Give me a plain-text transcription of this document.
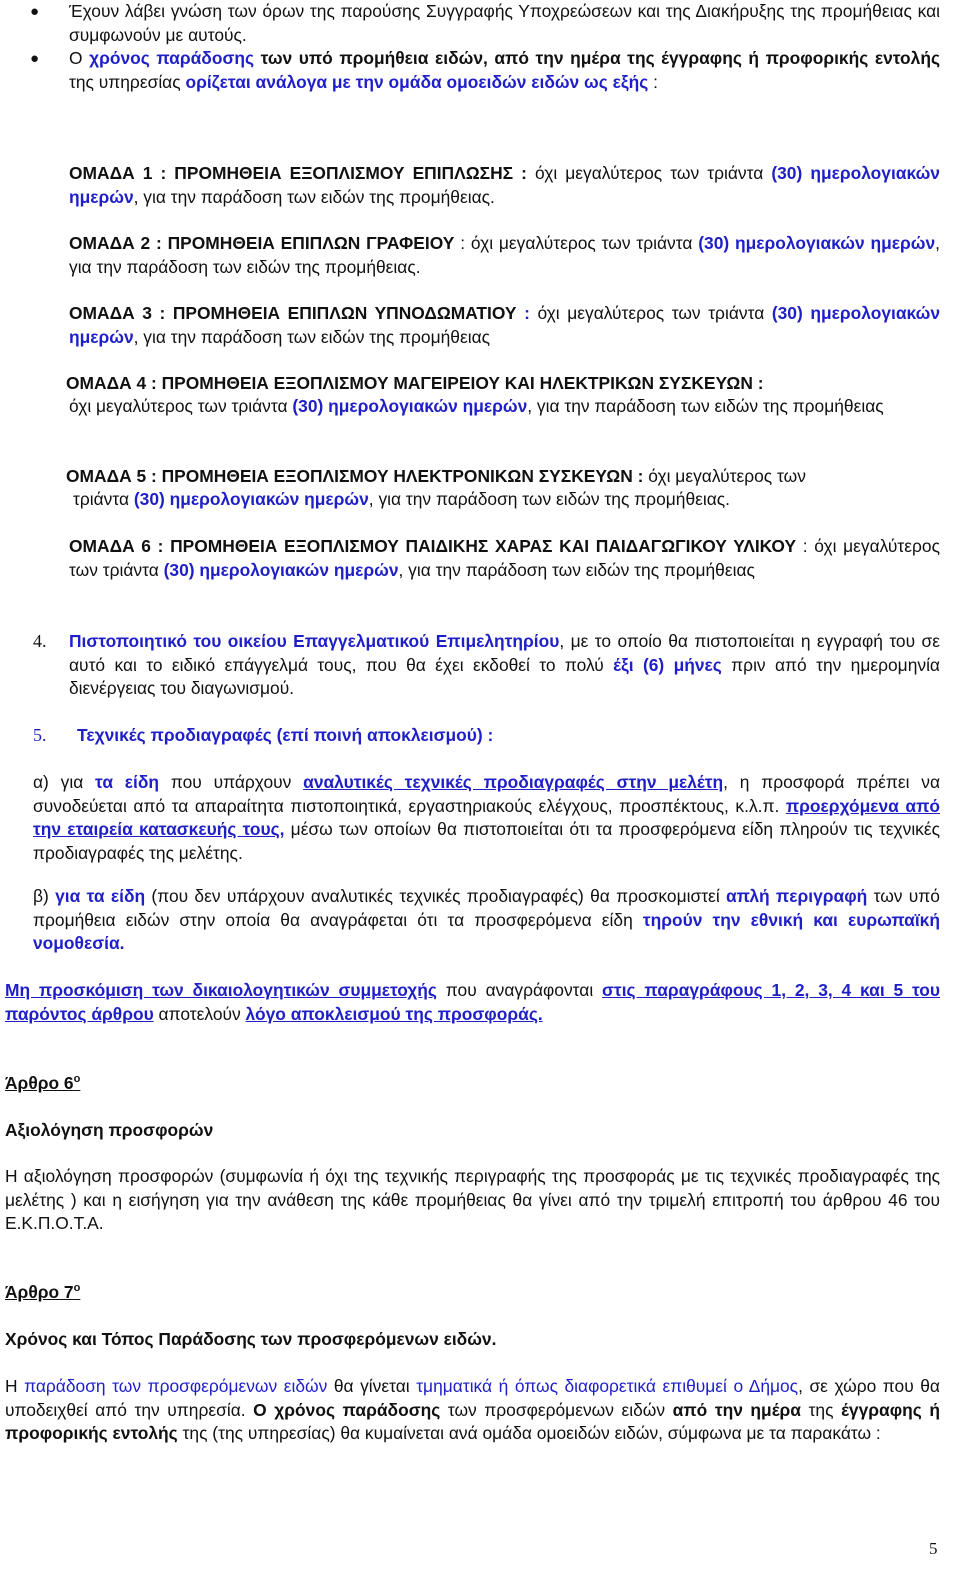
● Έχουν λάβει γνώση των όρων της παρούσης Συγγραφής Υποχρεώσεων και της Διακήρυξης της προμήθειας και συμφωνούν με αυτούς.
● Ο χρόνος παράδοσης των υπό προμήθεια ειδών, από την ημέρα της έγγραφης ή προφορικής εντολής της υπηρεσίας ορίζεται ανάλογα με την ομάδα ομοειδών ειδών ως εξής :
ΟΜΑΔΑ 1 : ΠΡΟΜΗΘΕΙΑ ΕΞΟΠΛΙΣΜΟΥ ΕΠΙΠΛΩΣΗΣ : όχι μεγαλύτερος των τριάντα (30) ημερολογιακών ημερών, για την παράδοση των ειδών της προμήθειας.
ΟΜΑΔΑ 2 : ΠΡΟΜΗΘΕΙΑ ΕΠΙΠΛΩΝ ΓΡΑΦΕΙΟΥ : όχι μεγαλύτερος των τριάντα (30) ημερολογιακών ημερών, για την παράδοση των ειδών της προμήθειας.
ΟΜΑΔΑ 3 : ΠΡΟΜΗΘΕΙΑ ΕΠΙΠΛΩΝ ΥΠΝΟΔΩΜΑΤΙΟΥ : όχι μεγαλύτερος των τριάντα (30) ημερολογιακών ημερών, για την παράδοση των ειδών της προμήθειας
ΟΜΑΔΑ 4 : ΠΡΟΜΗΘΕΙΑ ΕΞΟΠΛΙΣΜΟΥ ΜΑΓΕΙΡΕΙΟΥ ΚΑΙ ΗΛΕΚΤΡΙΚΩΝ ΣΥΣΚΕΥΩΝ :
όχι μεγαλύτερος των τριάντα (30) ημερολογιακών ημερών, για την παράδοση των ειδών της προμήθειας
ΟΜΑΔΑ 5 : ΠΡΟΜΗΘΕΙΑ ΕΞΟΠΛΙΣΜΟΥ ΗΛΕΚΤΡΟΝΙΚΩΝ ΣΥΣΚΕΥΩΝ : όχι μεγαλύτερος των
τριάντα (30) ημερολογιακών ημερών, για την παράδοση των ειδών της προμήθειας.
ΟΜΑΔΑ 6 : ΠΡΟΜΗΘΕΙΑ ΕΞΟΠΛΙΣΜΟΥ ΠΑΙΔΙΚΗΣ ΧΑΡΑΣ ΚΑΙ ΠΑΙΔΑΓΩΓΙΚΟΥ ΥΛΙΚΟΥ : όχι μεγαλύτερος των τριάντα (30) ημερολογιακών ημερών, για την παράδοση των ειδών της προμήθειας
4. Πιστοποιητικό του οικείου Επαγγελματικού Επιμελητηρίου, με το οποίο θα πιστοποιείται η εγγραφή του σε αυτό και το ειδικό επάγγελμά τους, που θα έχει εκδοθεί το πολύ έξι (6) μήνες πριν από την ημερομηνία διενέργειας του διαγωνισμού.
5. Τεχνικές προδιαγραφές (επί ποινή αποκλεισμού) :
α) για τα είδη που υπάρχουν αναλυτικές τεχνικές προδιαγραφές στην μελέτη, η προσφορά πρέπει να συνοδεύεται από τα απαραίτητα πιστοποιητικά, εργαστηριακούς ελέγχους, προσπέκτους, κ.λ.π. προερχόμενα από την εταιρεία κατασκευής τους, μέσω των οποίων θα πιστοποιείται ότι τα προσφερόμενα είδη πληρούν τις τεχνικές προδιαγραφές της μελέτης.
β) για τα είδη (που δεν υπάρχουν αναλυτικές τεχνικές προδιαγραφές) θα προσκομιστεί απλή περιγραφή των υπό προμήθεια ειδών στην οποία θα αναγράφεται ότι τα προσφερόμενα είδη τηρούν την εθνική και ευρωπαϊκή νομοθεσία.
Μη προσκόμιση των δικαιολογητικών συμμετοχής που αναγράφονται στις παραγράφους 1, 2, 3, 4 και 5 του παρόντος άρθρου αποτελούν λόγο αποκλεισμού της προσφοράς.
Άρθρο $6^o$
Αξιολόγηση προσφορών
Η αξιολόγηση προσφορών (συμφωνία ή όχι της τεχνικής περιγραφής της προσφοράς με τις τεχνικές προδιαγραφές της μελέτης ) και η εισήγηση για την ανάθεση της κάθε προμήθειας θα γίνει από την τριμελή επιτροπή του άρθρου 46 του Ε.Κ.Π.Ο.Τ.Α.
Άρθρο $7^o$
Χρόνος και Τόπος Παράδοσης των προσφερόμενων ειδών.
Η παράδοση των προσφερόμενων ειδών θα γίνεται τμηματικά ή όπως διαφορετικά επιθυμεί ο Δήμος, σε χώρο που θα υποδειχθεί από την υπηρεσία. Ο χρόνος παράδοσης των προσφερόμενων ειδών από την ημέρα της έγγραφης ή προφορικής εντολής της (της υπηρεσίας) θα κυμαίνεται ανά ομάδα ομοειδών ειδών, σύμφωνα με τα παρακάτω :
5
